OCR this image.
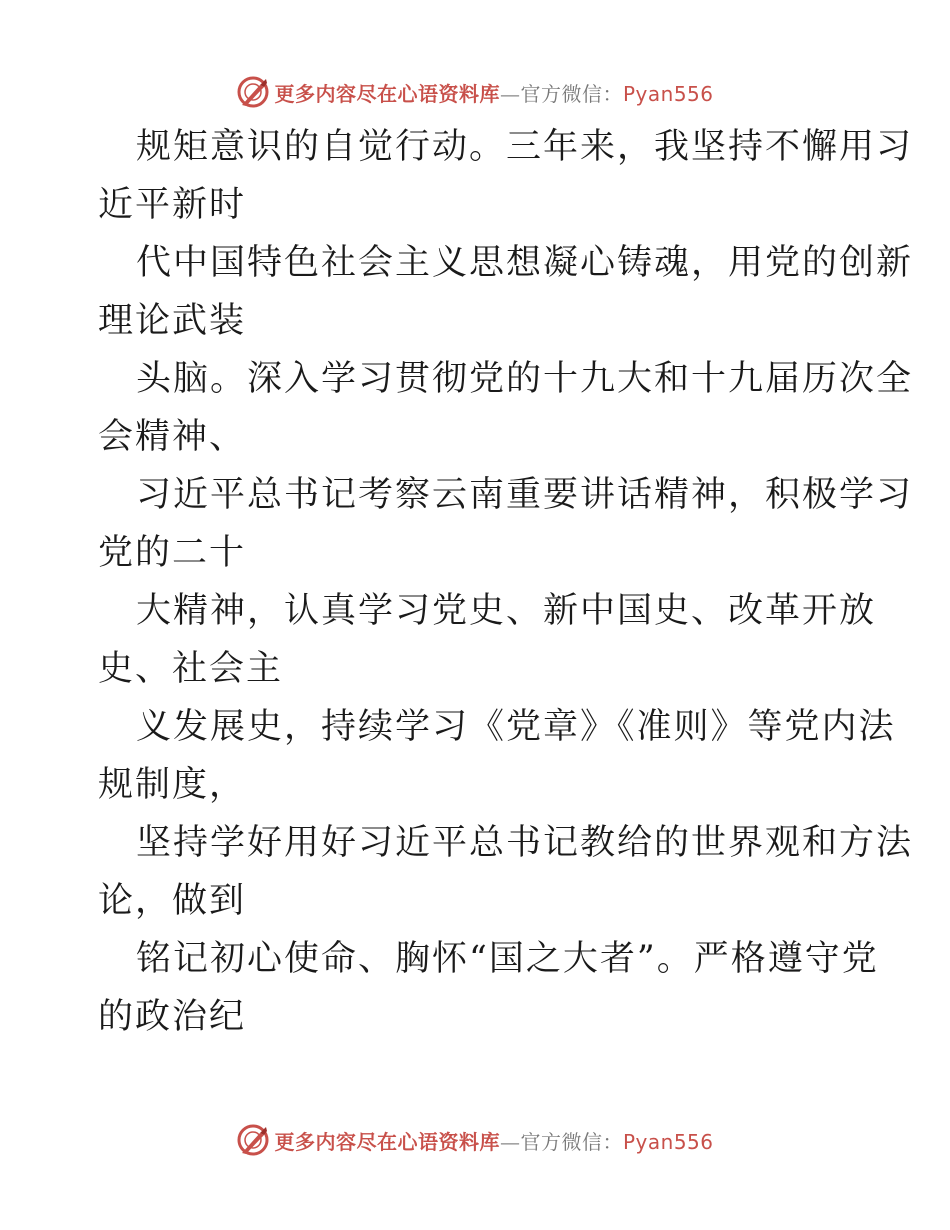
更多内容尽在心语资料库—官方微信：Pyan556
规矩意识的自觉行动。三年来，我坚持不懈用习
近平新时
代中国特色社会主义思想凝心铸魂，用党的创新
理论武装
头脑。深入学习贯彻党的十九大和十九届历次全
会精神、
习近平总书记考察云南重要讲话精神，积极学习
党的二十
大精神，认真学习党史、新中国史、改革开放
史、社会主
义发展史，持续学习《党章》《准则》等党内法
规制度，
坚持学好用好习近平总书记教给的世界观和方法
论，做到
铭记初心使命、胸怀“国之大者”。严格遵守党
的政治纪
更多内容尽在心语资料库—官方微信：Pyan556
